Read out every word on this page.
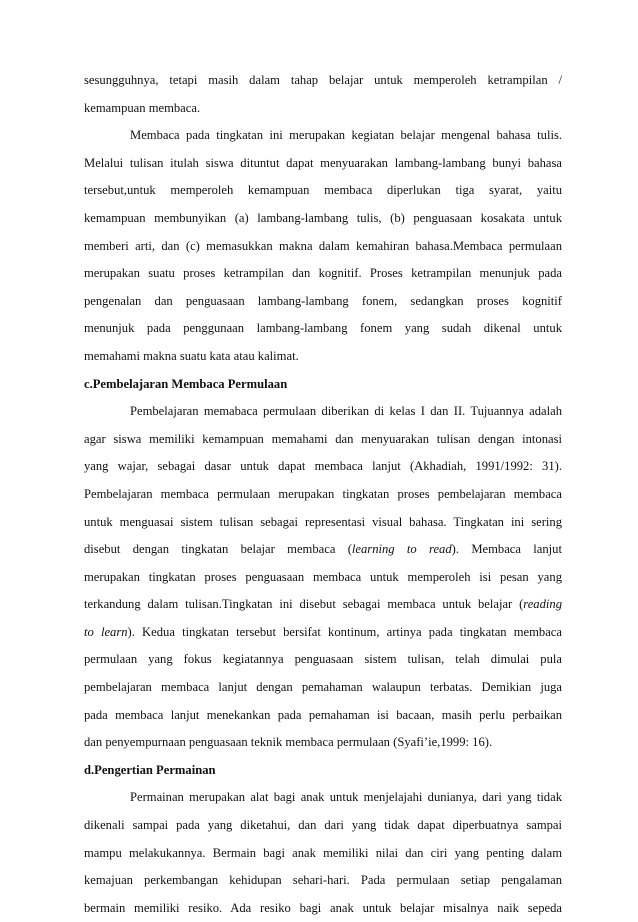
sesungguhnya, tetapi masih dalam tahap belajar untuk memperoleh ketrampilan /
kemampuan membaca.
Membaca pada tingkatan ini merupakan kegiatan belajar mengenal bahasa tulis.
Melalui tulisan itulah siswa dituntut dapat menyuarakan lambang-lambang bunyi bahasa
tersebut,untuk memperoleh kemampuan membaca diperlukan tiga syarat, yaitu
kemampuan membunyikan (a) lambang-lambang tulis, (b) penguasaan kosakata untuk
memberi arti, dan (c) memasukkan makna dalam kemahiran bahasa.Membaca permulaan
merupakan suatu proses ketrampilan dan kognitif. Proses ketrampilan menunjuk pada
pengenalan dan penguasaan lambang-lambang fonem, sedangkan proses kognitif
menunjuk pada penggunaan lambang-lambang fonem yang sudah dikenal untuk
memahami makna suatu kata atau kalimat.
c.Pembelajaran Membaca Permulaan
Pembelajaran memabaca permulaan diberikan di kelas I dan II. Tujuannya adalah
agar siswa memiliki kemampuan memahami dan menyuarakan tulisan dengan intonasi
yang wajar, sebagai dasar untuk dapat membaca lanjut (Akhadiah, 1991/1992: 31).
Pembelajaran membaca permulaan merupakan tingkatan proses pembelajaran membaca
untuk menguasai sistem tulisan sebagai representasi visual bahasa. Tingkatan ini sering
disebut dengan tingkatan belajar membaca (learning to read). Membaca lanjut
merupakan tingkatan proses penguasaan membaca untuk memperoleh isi pesan yang
terkandung dalam tulisan.Tingkatan ini disebut sebagai membaca untuk belajar (reading
to learn). Kedua tingkatan tersebut bersifat kontinum, artinya pada tingkatan membaca
permulaan yang fokus kegiatannya penguasaan sistem tulisan, telah dimulai pula
pembelajaran membaca lanjut dengan pemahaman walaupun terbatas. Demikian juga
pada membaca lanjut menekankan pada pemahaman isi bacaan, masih perlu perbaikan
dan penyempurnaan penguasaan teknik membaca permulaan (Syafi’ie,1999: 16).
d.Pengertian Permainan
Permainan merupakan alat bagi anak untuk menjelajahi dunianya, dari yang tidak
dikenali sampai pada yang diketahui, dan dari yang tidak dapat diperbuatnya sampai
mampu melakukannya. Bermain bagi anak memiliki nilai dan ciri yang penting dalam
kemajuan perkembangan kehidupan sehari-hari. Pada permulaan setiap pengalaman
bermain memiliki resiko. Ada resiko bagi anak untuk belajar misalnya naik sepeda
